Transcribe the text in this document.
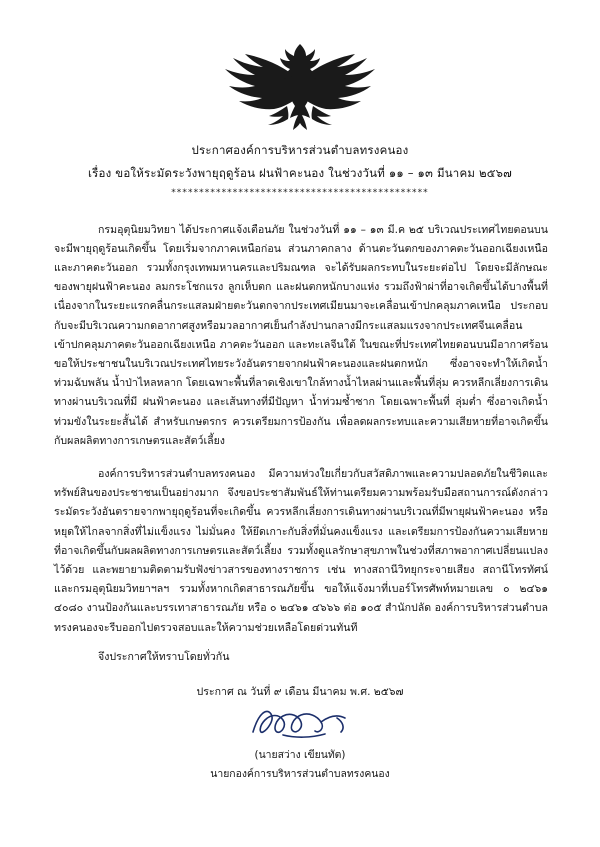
ประกาศองค์การบริหารส่วนตำบลทรงคนอง
เรื่อง ขอให้ระมัดระวังพายุฤดูร้อน ฝนฟ้าคะนอง ในช่วงวันที่ ๑๑ – ๑๓ มีนาคม ๒๕๖๗
**********************************************

กรมอุตุนิยมวิทยา ได้ประกาศแจ้งเตือนภัย ในช่วงวันที่ ๑๑ – ๑๓ มี.ค ๒๕ บริเวณประเทศไทยตอนบนจะมีพายุฤดูร้อนเกิดขึ้น โดยเริ่มจากภาคเหนือก่อน ส่วนภาคกลาง ด้านตะวันตกของภาคตะวันออกเฉียงเหนือ และภาคตะวันออก รวมทั้งกรุงเทพมหานครและปริมณฑล จะได้รับผลกระทบในระยะต่อไป โดยจะมีลักษณะของพายุฝนฟ้าคะนอง ลมกระโชกแรง ลูกเห็บตก และฝนตกหนักบางแห่ง รวมถึงฟ้าผ่าที่อาจเกิดขึ้นได้บางพื้นที่ เนื่องจากในระยะแรกคลื่นกระแสลมฝ่ายตะวันตกจากประเทศเมียนมาจะเคลื่อนเข้าปกคลุมภาคเหนือ ประกอบกับจะมีบริเวณความกดอากาศสูงหรือมวลอากาศเย็นกำลังปานกลางมีกระแสลมแรงจากประเทศจีนเคลื่อนเข้าปกคลุมภาคตะวันออกเฉียงเหนือ ภาคตะวันออก และทะเลจีนใต้ ในขณะที่ประเทศไทยตอนบนมีอากาศร้อน ขอให้ประชาชนในบริเวณประเทศไทยระวังอันตรายจากฝนฟ้าคะนองและฝนตกหนัก ซึ่งอาจจะทำให้เกิดน้ำท่วมฉับพลัน น้ำป่าไหลหลาก โดยเฉพาะพื้นที่ลาดเชิงเขาใกล้ทางน้ำไหลผ่านและพื้นที่ลุ่ม ควรหลีกเลี่ยงการเดินทางผ่านบริเวณที่มี ฝนฟ้าคะนอง และเส้นทางที่มีปัญหา น้ำท่วมซ้ำซาก โดยเฉพาะพื้นที่ ลุ่มต่ำ ซึ่งอาจเกิดน้ำท่วมขังในระยะสั้นได้ สำหรับเกษตรกร ควรเตรียมการป้องกัน เพื่อลดผลกระทบและความเสียหายที่อาจเกิดขึ้นกับผลผลิตทางการเกษตรและสัตว์เลี้ยง

องค์การบริหารส่วนตำบลทรงคนอง มีความห่วงใยเกี่ยวกับสวัสดิภาพและความปลอดภัยในชีวิตและทรัพย์สินของประชาชนเป็นอย่างมาก จึงขอประชาสัมพันธ์ให้ท่านเตรียมความพร้อมรับมือสถานการณ์ดังกล่าว ระมัดระวังอันตรายจากพายุฤดูร้อนที่จะเกิดขึ้น ควรหลีกเลี่ยงการเดินทางผ่านบริเวณที่มีพายุฝนฟ้าคะนอง หรือหยุดให้ไกลจากสิ่งที่ไม่แข็งแรง ไม่มั่นคง ให้ยึดเกาะกับสิ่งที่มั่นคงแข็งแรง และเตรียมการป้องกันความเสียหายที่อาจเกิดขึ้นกับผลผลิตทางการเกษตรและสัตว์เลี้ยง รวมทั้งดูแลรักษาสุขภาพในช่วงที่สภาพอากาศเปลี่ยนแปลงไว้ด้วย และพยายามติดตามรับฟังข่าวสารของทางราชการ เช่น ทางสถานีวิทยุกระจายเสียง สถานีโทรทัศน์ และกรมอุตุนิยมวิทยาฯลฯ รวมทั้งหากเกิดสาธารณภัยขึ้น ขอให้แจ้งมาที่เบอร์โทรศัพท์หมายเลข ๐ ๒๔๖๑ ๔๐๘๐ งานป้องกันและบรรเทาสาธารณภัย หรือ ๐ ๒๔๖๑ ๔๖๖๖ ต่อ ๑๐๕ สำนักปลัด องค์การบริหารส่วนตำบลทรงคนองจะรีบออกไปตรวจสอบและให้ความช่วยเหลือโดยด่วนทันที

จึงประกาศให้ทราบโดยทั่วกัน

ประกาศ ณ วันที่ ๙ เดือน มีนาคม พ.ศ. ๒๕๖๗
(นายสว่าง เขียนทัต)
นายกองค์การบริหารส่วนตำบลทรงคนอง
